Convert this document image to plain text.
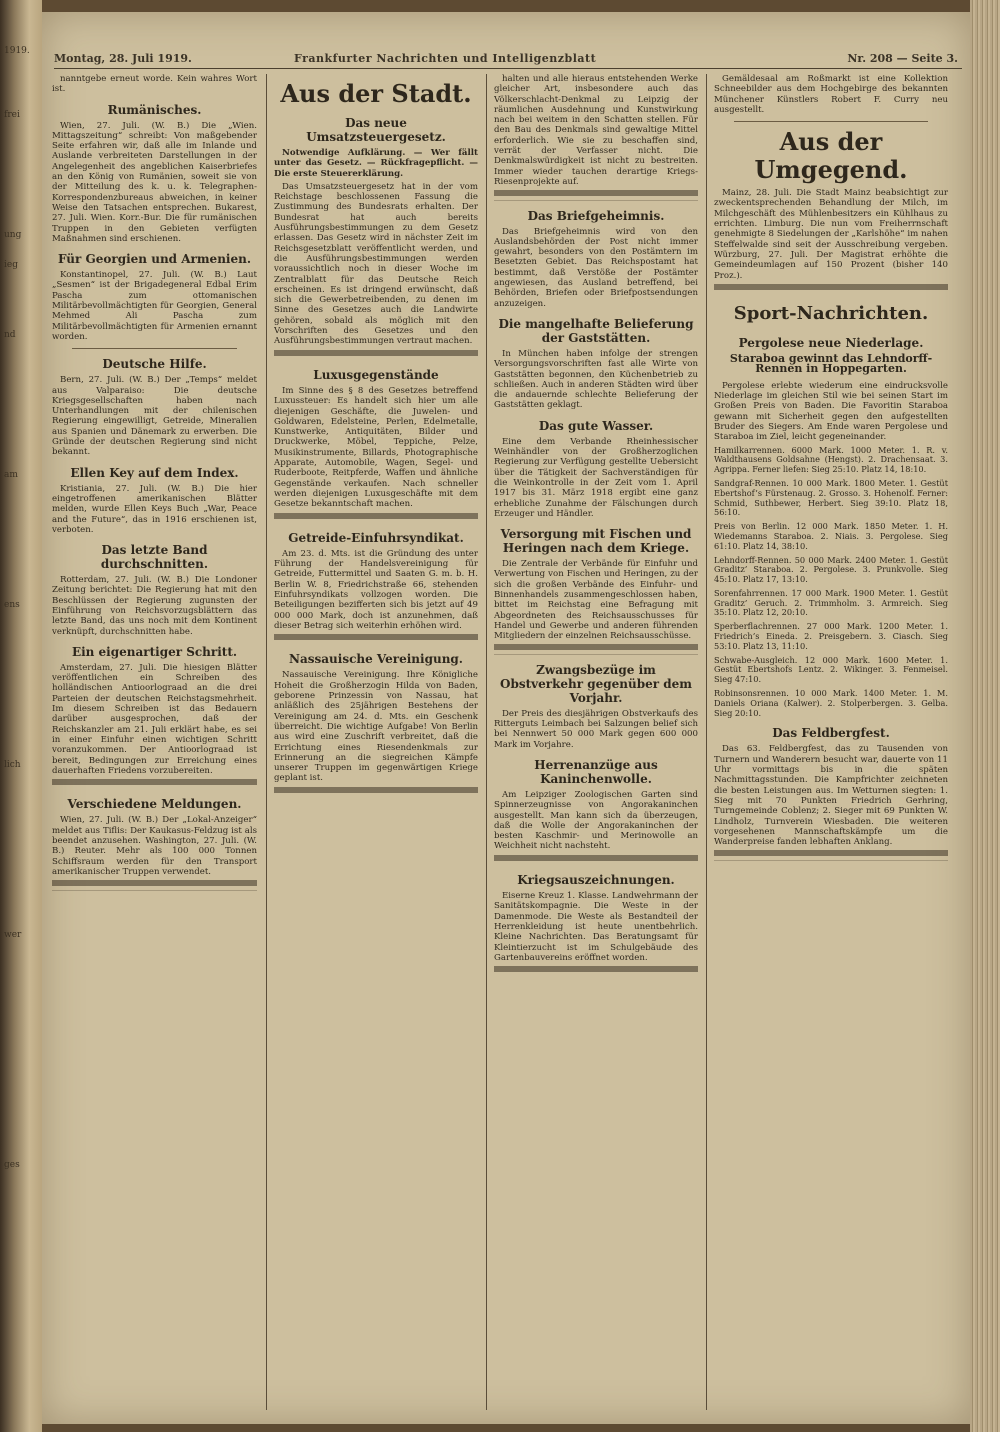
1919.
frei
ung
ieg
nd
am
ens
lich
wer
ges
Montag, 28. Juli 1919.	Frankfurter Nachrichten und Intelligenzblatt	Nr. 208 — Seite 3.

nanntgebe erneut worde. Kein wahres Wort ist.

Rumänisches.

Wien, 27. Juli. (W. B.) Die „Wien. Mittagszeitung“ schreibt: Von maßgebender Seite erfahren wir, daß alle im Inlande und Auslande verbreiteten Darstellungen in der Angelegenheit des angeblichen Kaiserbriefes an den König von Rumänien, soweit sie von der Mitteilung des k. u. k. Telegraphen-Korrespondenzbureaus abweichen, in keiner Weise den Tatsachen entsprechen. Bukarest, 27. Juli. Wien. Korr.-Bur. Die für rumänischen Truppen in den Gebieten verfügten Maßnahmen sind erschienen.

Für Georgien und Armenien.

Konstantinopel, 27. Juli. (W. B.) Laut „Sesmen“ ist der Brigadegeneral Edbal Erim Pascha zum ottomanischen Militärbevollmächtigten für Georgien, General Mehmed Ali Pascha zum Militärbevollmächtigten für Armenien ernannt worden.

Deutsche Hilfe.

Bern, 27. Juli. (W. B.) Der „Temps“ meldet aus Valparaiso: Die deutsche Kriegsgesellschaften haben nach Unterhandlungen mit der chilenischen Regierung eingewilligt, Getreide, Mineralien aus Spanien und Dänemark zu erwerben. Die Gründe der deutschen Regierung sind nicht bekannt.

Ellen Key auf dem Index.

Kristiania, 27. Juli. (W. B.) Die hier eingetroffenen amerikanischen Blätter melden, wurde Ellen Keys Buch „War, Peace and the Future“, das in 1916 erschienen ist, verboten.

Das letzte Band durchschnitten.

Rotterdam, 27. Juli. (W. B.) Die Londoner Zeitung berichtet: Die Regierung hat mit den Beschlüssen der Regierung zugunsten der Einführung von Reichsvorzugsblättern das letzte Band, das uns noch mit dem Kontinent verknüpft, durchschnitten habe.

Ein eigenartiger Schritt.

Amsterdam, 27. Juli. Die hiesigen Blätter veröffentlichen ein Schreiben des holländischen Antioorlograad an die drei Parteien der deutschen Reichstagsmehrheit. Im diesem Schreiben ist das Bedauern darüber ausgesprochen, daß der Reichskanzler am 21. Juli erklärt habe, es sei in einer Einfuhr einen wichtigen Schritt voranzukommen. Der Antioorlograad ist bereit, Bedingungen zur Erreichung eines dauerhaften Friedens vorzubereiten.

Verschiedene Meldungen.

Wien, 27. Juli. (W. B.) Der „Lokal-Anzeiger“ meldet aus Tiflis: Der Kaukasus-Feldzug ist als beendet anzusehen. Washington, 27. Juli. (W. B.) Reuter. Mehr als 100 000 Tonnen Schiffsraum werden für den Transport amerikanischer Truppen verwendet.

Aus der Stadt.
Das neue Umsatzsteuergesetz.

Notwendige Aufklärung. — Wer fällt unter das Gesetz. — Rückfragepflicht. — Die erste Steuererklärung.

Das Umsatzsteuergesetz hat in der vom Reichstage beschlossenen Fassung die Zustimmung des Bundesrats erhalten. Der Bundesrat hat auch bereits Ausführungsbestimmungen zu dem Gesetz erlassen. Das Gesetz wird in nächster Zeit im Reichsgesetzblatt veröffentlicht werden, und die Ausführungsbestimmungen werden voraussichtlich noch in dieser Woche im Zentralblatt für das Deutsche Reich erscheinen. Es ist dringend erwünscht, daß sich die Gewerbetreibenden, zu denen im Sinne des Gesetzes auch die Landwirte gehören, sobald als möglich mit den Vorschriften des Gesetzes und den Ausführungsbestimmungen vertraut machen.

Luxusgegenstände

Im Sinne des § 8 des Gesetzes betreffend Luxussteuer: Es handelt sich hier um alle diejenigen Geschäfte, die Juwelen- und Goldwaren, Edelsteine, Perlen, Edelmetalle, Kunstwerke, Antiquitäten, Bilder und Druckwerke, Möbel, Teppiche, Pelze, Musikinstrumente, Billards, Photographische Apparate, Automobile, Wagen, Segel- und Ruderboote, Reitpferde, Waffen und ähnliche Gegenstände verkaufen. Nach schneller werden diejenigen Luxusgeschäfte mit dem Gesetze bekanntschaft machen.

Getreide-Einfuhrsyndikat.

Am 23. d. Mts. ist die Gründung des unter Führung der Handelsvereinigung für Getreide, Futtermittel und Saaten G. m. b. H. Berlin W. 8, Friedrichstraße 66, stehenden Einfuhrsyndikats vollzogen worden. Die Beteiligungen bezifferten sich bis jetzt auf 49 000 000 Mark, doch ist anzunehmen, daß dieser Betrag sich weiterhin erhöhen wird.

Nassauische Vereinigung.

Nassauische Vereinigung. Ihre Königliche Hoheit die Großherzogin Hilda von Baden, geborene Prinzessin von Nassau, hat anläßlich des 25jährigen Bestehens der Vereinigung am 24. d. Mts. ein Geschenk überreicht. Die wichtige Aufgabe! Von Berlin aus wird eine Zuschrift verbreitet, daß die Errichtung eines Riesendenkmals zur Erinnerung an die siegreichen Kämpfe unserer Truppen im gegenwärtigen Kriege geplant ist.

halten und alle hieraus entstehenden Werke gleicher Art, insbesondere auch das Völkerschlacht-Denkmal zu Leipzig der räumlichen Ausdehnung und Kunstwirkung nach bei weitem in den Schatten stellen. Für den Bau des Denkmals sind gewaltige Mittel erforderlich. Wie sie zu beschaffen sind, verrät der Verfasser nicht. Die Denkmalswürdigkeit ist nicht zu bestreiten. Immer wieder tauchen derartige Kriegs-Riesenprojekte auf.

Das Briefgeheimnis.

Das Briefgeheimnis wird von den Auslandsbehörden der Post nicht immer gewahrt, besonders von den Postämtern im Besetzten Gebiet. Das Reichspostamt hat bestimmt, daß Verstöße der Postämter angewiesen, das Ausland betreffend, bei Behörden, Briefen oder Briefpostsendungen anzuzeigen.

Die mangelhafte Belieferung der Gaststätten.

In München haben infolge der strengen Versorgungsvorschriften fast alle Wirte von Gaststätten begonnen, den Küchenbetrieb zu schließen. Auch in anderen Städten wird über die andauernde schlechte Belieferung der Gaststätten geklagt.

Das gute Wasser.

Eine dem Verbande Rheinhessischer Weinhändler von der Großherzoglichen Regierung zur Verfügung gestellte Uebersicht über die Tätigkeit der Sachverständigen für die Weinkontrolle in der Zeit vom 1. April 1917 bis 31. März 1918 ergibt eine ganz erhebliche Zunahme der Fälschungen durch Erzeuger und Händler.

Versorgung mit Fischen und Heringen nach dem Kriege.

Die Zentrale der Verbände für Einfuhr und Verwertung von Fischen und Heringen, zu der sich die großen Verbände des Einfuhr- und Binnenhandels zusammengeschlossen haben, bittet im Reichstag eine Befragung mit Abgeordneten des Reichsausschusses für Handel und Gewerbe und anderen führenden Mitgliedern der einzelnen Reichsausschüsse.

Zwangsbezüge im Obstverkehr gegenüber dem Vorjahr.

Der Preis des diesjährigen Obstverkaufs des Ritterguts Leimbach bei Salzungen belief sich bei Nennwert 50 000 Mark gegen 600 000 Mark im Vorjahre.

Herrenanzüge aus Kaninchenwolle.

Am Leipziger Zoologischen Garten sind Spinnerzeugnisse von Angorakaninchen ausgestellt. Man kann sich da überzeugen, daß die Wolle der Angorakaninchen der besten Kaschmir- und Merinowolle an Weichheit nicht nachsteht.

Kriegsauszeichnungen.

Eiserne Kreuz 1. Klasse. Landwehrmann der Sanitätskompagnie. Die Weste in der Damenmode. Die Weste als Bestandteil der Herrenkleidung ist heute unentbehrlich. Kleine Nachrichten. Das Beratungsamt für Kleintierzucht ist im Schulgebäude des Gartenbauvereins eröffnet worden.

Gemäldesaal am Roßmarkt ist eine Kollektion Schneebilder aus dem Hochgebirge des bekannten Münchener Künstlers Robert F. Curry neu ausgestellt.

Aus der Umgegend.

Mainz, 28. Juli. Die Stadt Mainz beabsichtigt zur zweckentsprechenden Behandlung der Milch, im Milchgeschäft des Mühlenbesitzers ein Kühlhaus zu errichten. Limburg. Die nun vom Freiherrnschaft genehmigte 8 Siedelungen der „Karlshöhe“ im nahen Steffelwalde sind seit der Ausschreibung vergeben. Würzburg, 27. Juli. Der Magistrat erhöhte die Gemeindeumlagen auf 150 Prozent (bisher 140 Proz.).

Sport-Nachrichten.
Pergolese neue Niederlage.
Staraboa gewinnt das Lehndorff-Rennen in Hoppegarten.

Pergolese erlebte wiederum eine eindrucksvolle Niederlage im gleichen Stil wie bei seinen Start im Großen Preis von Baden. Die Favoritin Staraboa gewann mit Sicherheit gegen den aufgestellten Bruder des Siegers. Am Ende waren Pergolese und Staraboa im Ziel, leicht gegeneinander.

Hamilkarrennen. 6000 Mark. 1000 Meter. 1. R. v. Waldthausens Goldsahne (Hengst). 2. Drachensaat. 3. Agrippa. Ferner liefen: Sieg 25:10. Platz 14, 18:10.
Sandgraf-Rennen. 10 000 Mark. 1800 Meter. 1. Gestüt Ebertshof’s Fürstenaug. 2. Grosso. 3. Hohenolf. Ferner: Schmid, Suthbewer, Herbert. Sieg 39:10. Platz 18, 56:10.
Preis von Berlin. 12 000 Mark. 1850 Meter. 1. H. Wiedemanns Staraboa. 2. Niais. 3. Pergolese. Sieg 61:10. Platz 14, 38:10.
Lehndorff-Rennen. 50 000 Mark. 2400 Meter. 1. Gestüt Graditz’ Staraboa. 2. Pergolese. 3. Prunkvolle. Sieg 45:10. Platz 17, 13:10.
Sorenfahrrennen. 17 000 Mark. 1900 Meter. 1. Gestüt Graditz’ Geruch. 2. Trimmholm. 3. Armreich. Sieg 35:10. Platz 12, 20:10.
Sperberflachrennen. 27 000 Mark. 1200 Meter. 1. Friedrich’s Eineda. 2. Preisgebern. 3. Ciasch. Sieg 53:10. Platz 13, 11:10.
Schwabe-Ausgleich. 12 000 Mark. 1600 Meter. 1. Gestüt Ebertshofs Lentz. 2. Wikinger. 3. Fenmeisel. Sieg 47:10.
Robinsonsrennen. 10 000 Mark. 1400 Meter. 1. M. Daniels Oriana (Kalwer). 2. Stolperbergen. 3. Gelba. Sieg 20:10.
Das Feldbergfest.

Das 63. Feldbergfest, das zu Tausenden von Turnern und Wanderern besucht war, dauerte von 11 Uhr vormittags bis in die späten Nachmittagsstunden. Die Kampfrichter zeichneten die besten Leistungen aus. Im Wetturnen siegten: 1. Sieg mit 70 Punkten Friedrich Gerhring, Turngemeinde Coblenz; 2. Sieger mit 69 Punkten W. Lindholz, Turnverein Wiesbaden. Die weiteren vorgesehenen Mannschaftskämpfe um die Wanderpreise fanden lebhaften Anklang.
